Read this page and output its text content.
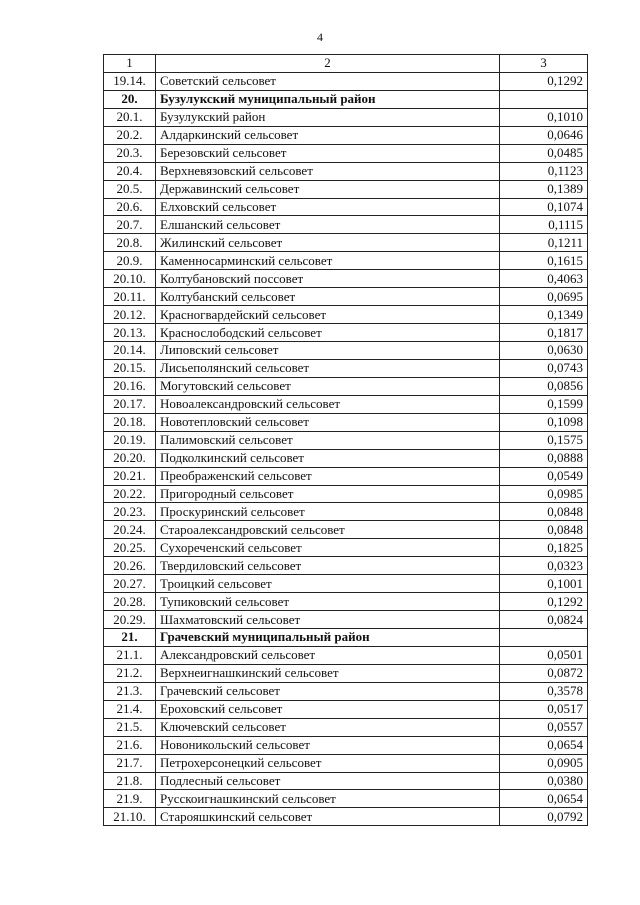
4
1	2	3
19.14.	Советский сельсовет	0,1292
20.	Бузулукский муниципальный район	
20.1.	Бузулукский район	0,1010
20.2.	Алдаркинский сельсовет	0,0646
20.3.	Березовский сельсовет	0,0485
20.4.	Верхневязовский сельсовет	0,1123
20.5.	Державинский сельсовет	0,1389
20.6.	Елховский сельсовет	0,1074
20.7.	Елшанский сельсовет	0,1115
20.8.	Жилинский сельсовет	0,1211
20.9.	Каменносарминский сельсовет	0,1615
20.10.	Колтубановский поссовет	0,4063
20.11.	Колтубанский сельсовет	0,0695
20.12.	Красногвардейский сельсовет	0,1349
20.13.	Краснослободский сельсовет	0,1817
20.14.	Липовский сельсовет	0,0630
20.15.	Лисьеполянский сельсовет	0,0743
20.16.	Могутовский сельсовет	0,0856
20.17.	Новоалександровский сельсовет	0,1599
20.18.	Новотепловский сельсовет	0,1098
20.19.	Палимовский сельсовет	0,1575
20.20.	Подколкинский сельсовет	0,0888
20.21.	Преображенский сельсовет	0,0549
20.22.	Пригородный сельсовет	0,0985
20.23.	Проскуринский сельсовет	0,0848
20.24.	Староалександровский сельсовет	0,0848
20.25.	Сухореченский сельсовет	0,1825
20.26.	Твердиловский сельсовет	0,0323
20.27.	Троицкий сельсовет	0,1001
20.28.	Тупиковский сельсовет	0,1292
20.29.	Шахматовский сельсовет	0,0824
21.	Грачевский муниципальный район	
21.1.	Александровский сельсовет	0,0501
21.2.	Верхнеигнашкинский сельсовет	0,0872
21.3.	Грачевский сельсовет	0,3578
21.4.	Ероховский сельсовет	0,0517
21.5.	Ключевский сельсовет	0,0557
21.6.	Новоникольский сельсовет	0,0654
21.7.	Петрохерсонецкий сельсовет	0,0905
21.8.	Подлесный сельсовет	0,0380
21.9.	Русскоигнашкинский сельсовет	0,0654
21.10.	Старояшкинский сельсовет	0,0792
